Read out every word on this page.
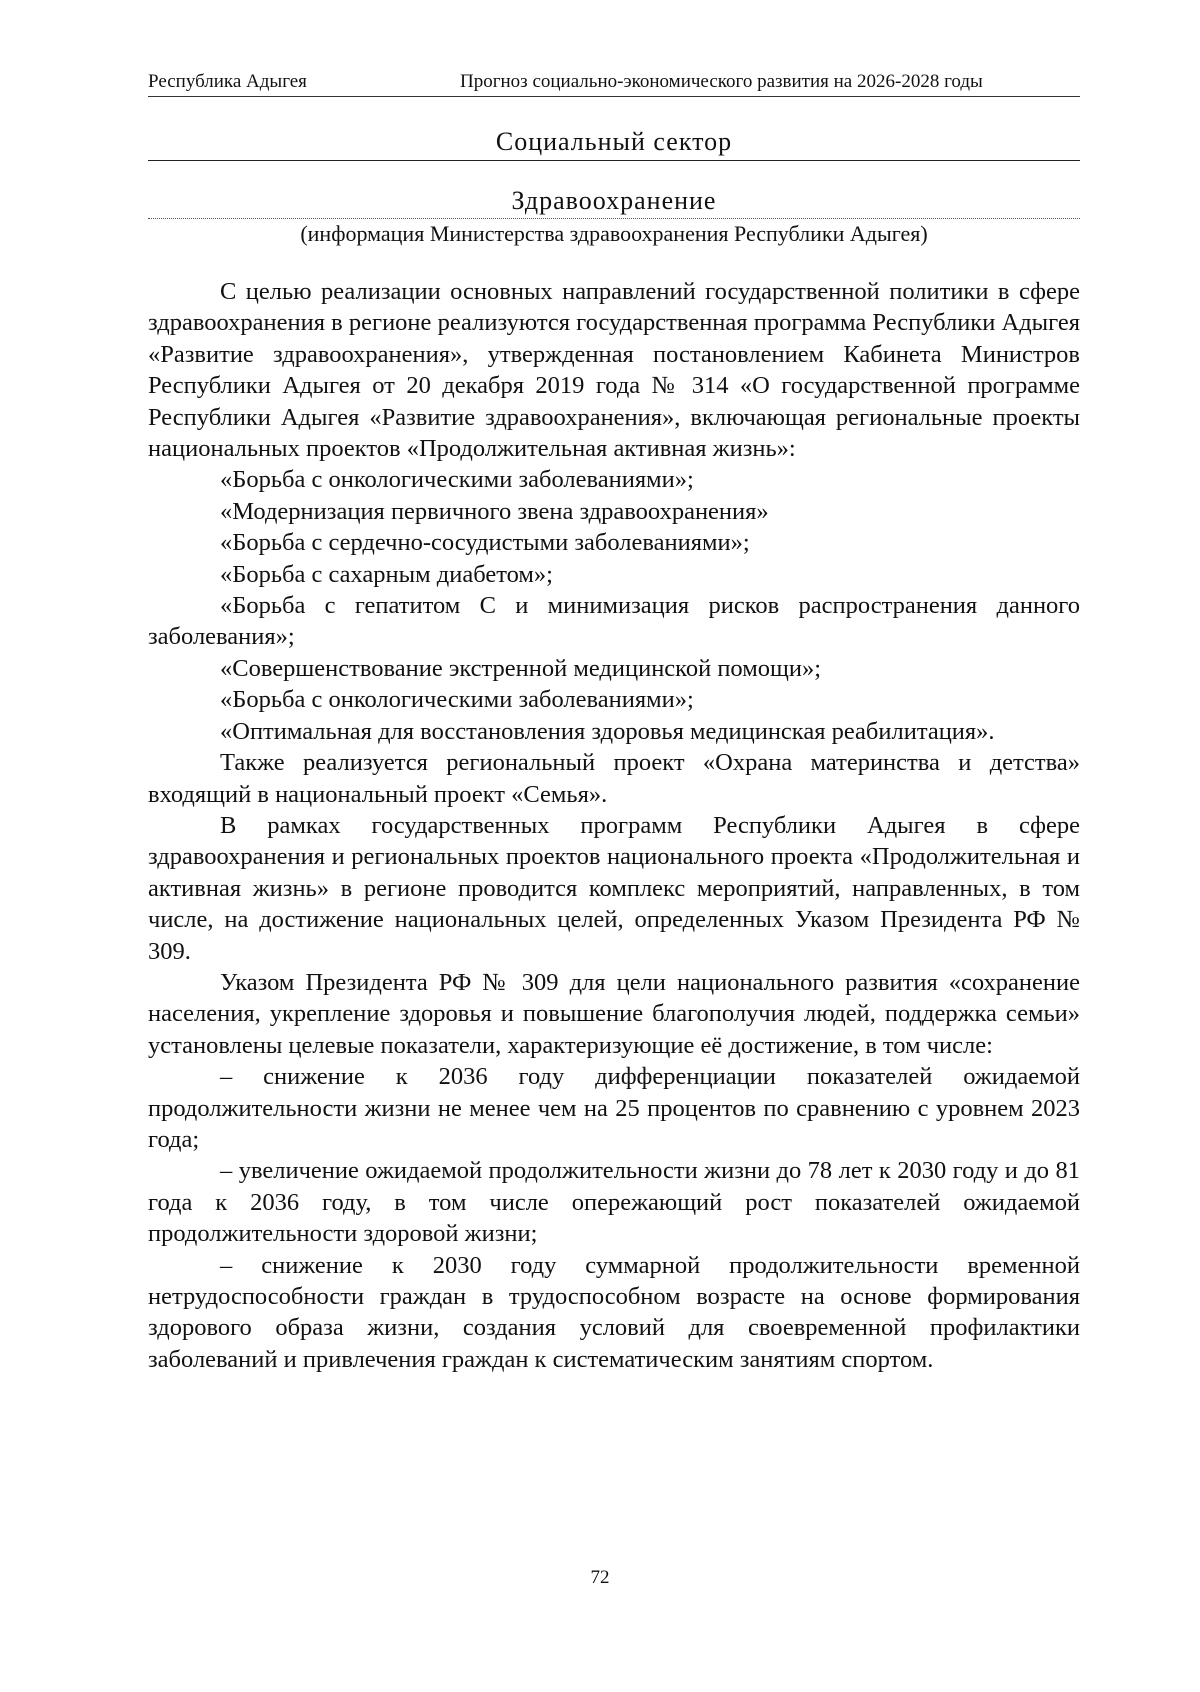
Республика Адыгея	Прогноз социально-экономического развития на 2026-2028 годы
Социальный сектор
Здравоохранение
(информация Министерства здравоохранения Республики Адыгея)

С целью реализации основных направлений государственной политики в сфере здравоохранения в регионе реализуются государственная программа Республики Адыгея «Развитие здравоохранения», утвержденная постановлением Кабинета Министров Республики Адыгея от 20 декабря 2019 года № 314 «О государственной программе Республики Адыгея «Развитие здравоохранения», включающая региональные проекты национальных проектов «Продолжительная активная жизнь»:

«Борьба с онкологическими заболеваниями»;

«Модернизация первичного звена здравоохранения»

«Борьба с сердечно-сосудистыми заболеваниями»;

«Борьба с сахарным диабетом»;

«Борьба с гепатитом С и минимизация рисков распространения данного заболевания»;

«Совершенствование экстренной медицинской помощи»;

«Борьба с онкологическими заболеваниями»;

«Оптимальная для восстановления здоровья медицинская реабилитация».

Также реализуется региональный проект «Охрана материнства и детства» входящий в национальный проект «Семья».

В рамках государственных программ Республики Адыгея в сфере здравоохранения и региональных проектов национального проекта «Продолжительная и активная жизнь» в регионе проводится комплекс мероприятий, направленных, в том числе, на достижение национальных целей, определенных Указом Президента РФ № 309.

Указом Президента РФ № 309 для цели национального развития «сохранение населения, укрепление здоровья и повышение благополучия людей, поддержка семьи» установлены целевые показатели, характеризующие её достижение, в том числе:

– снижение к 2036 году дифференциации показателей ожидаемой продолжительности жизни не менее чем на 25 процентов по сравнению с уровнем 2023 года;

– увеличение ожидаемой продолжительности жизни до 78 лет к 2030 году и до 81 года к 2036 году, в том числе опережающий рост показателей ожидаемой продолжительности здоровой жизни;

– снижение к 2030 году суммарной продолжительности временной нетрудоспособности граждан в трудоспособном возрасте на основе формирования здорового образа жизни, создания условий для своевременной профилактики заболеваний и привлечения граждан к систематическим занятиям спортом.

72
